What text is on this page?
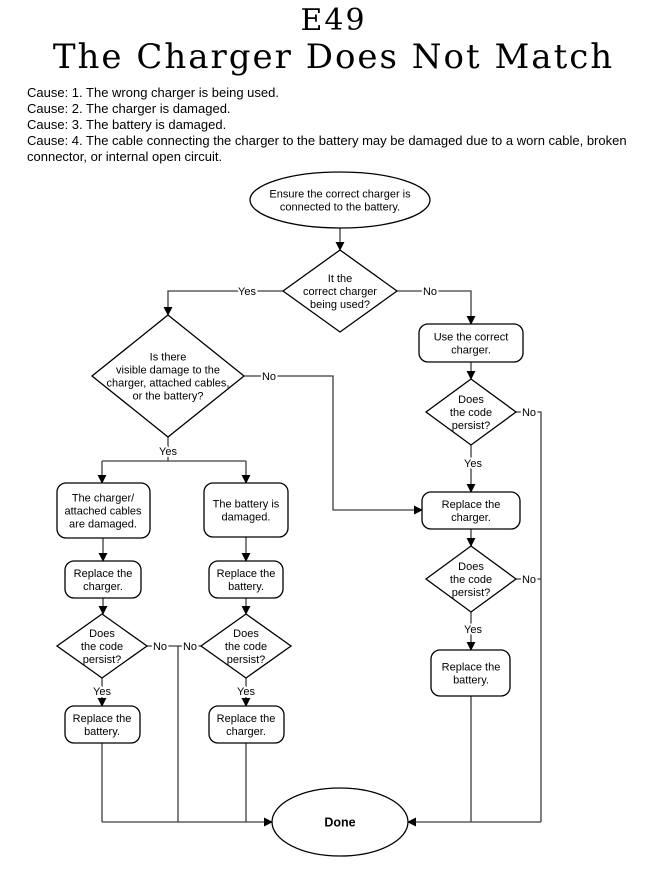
E49
The Charger Does Not Match

Cause: 1. The wrong charger is being used.

Cause: 2. The charger is damaged.

Cause: 3. The battery is damaged.

Cause: 4. The cable connecting the charger to the battery may be damaged due to a worn cable, broken connector, or internal open circuit.

Ensure the correct charger is
connected to the battery.
It the
correct charger
being used?
Is there
visible damage to the
charger, attached cables,
or the battery?
Use the correct
charger.
Does
the code
persist?
Replace the
charger.
Does
the code
persist?
Replace the
battery.
The charger/
attached cables
are damaged.
The battery is
damaged.
Replace the
charger.
Replace the
battery.
Does
the code
persist?
Does
the code
persist?
Replace the
battery.
Replace the
charger.
Done
Yes	No
No
Yes
No
Yes
No
Yes
No No
Yes	Yes
